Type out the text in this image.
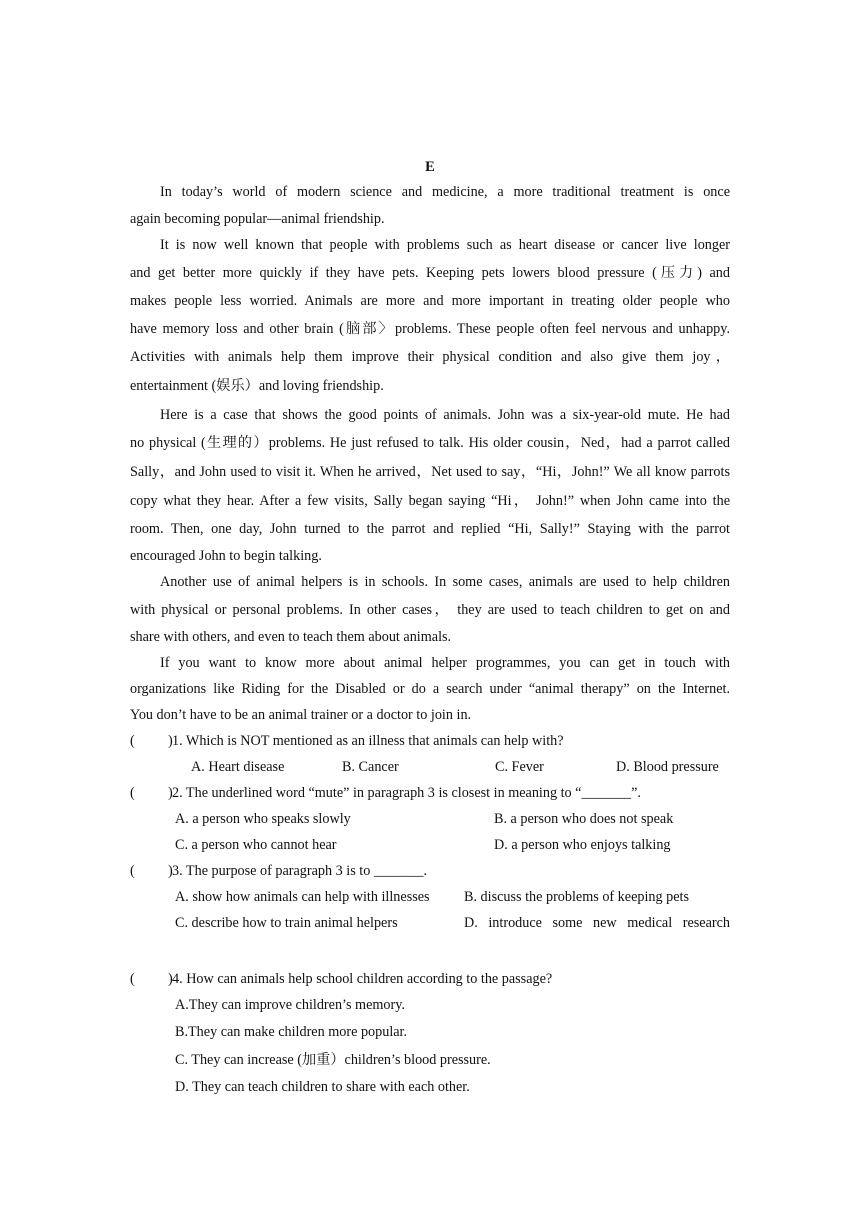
E

In today’s world of modern science and medicine, a more traditional treatment is once
again becoming popular—animal friendship.

It is now well known that people with problems such as heart disease or cancer live longer
and get better more quickly if they have pets. Keeping pets lowers blood pressure (压力) and
makes people less worried. Animals are more and more important in treating older people who
have memory loss and other brain (脑部〉problems. These people often feel nervous and unhappy.
Activities with animals help them improve their physical condition and also give them joy，
entertainment (娱乐）and loving friendship.

Here is a case that shows the good points of animals. John was a six-year-old mute. He had
no physical (生理的）problems. He just refused to talk. His older cousin，Ned，had a parrot called
Sally，and John used to visit it. When he arrived，Net used to say，“Hi，John!” We all know parrots
copy what they hear. After a few visits, Sally began saying “Hi， John!” when John came into the
room. Then, one day, John turned to the parrot and replied “Hi, Sally!” Staying with the parrot
encouraged John to begin talking.

Another use of animal helpers is in schools. In some cases, animals are used to help children
with physical or personal problems. In other cases， they are used to teach children to get on and
share with others, and even to teach them about animals.

If you want to know more about animal helper programmes, you can get in touch with
organizations like Riding for the Disabled or do a search under “animal therapy” on the Internet.
You don’t have to be an animal trainer or a doctor to join in.

( ) 1. Which is NOT mentioned as an illness that animals can help with?
A. Heart disease	B. Cancer	C. Fever	D. Blood pressure
( ) 2. The underlined word “mute” in paragraph 3 is closest in meaning to “_______”.
A. a person who speaks slowly	B. a person who does not speak
C. a person who cannot hear	D. a person who enjoys talking
( ) 3. The purpose of paragraph 3 is to _______.
A. show how animals can help with illnesses	B. discuss the problems of keeping pets
C. describe how to train animal helpers	D. introduce some new medical research
( ) 4. How can animals help school children according to the passage?
A.They can improve children’s memory.
B.They can make children more popular.
C. They can increase (加重）children’s blood pressure.
D. They can teach children to share with each other.
